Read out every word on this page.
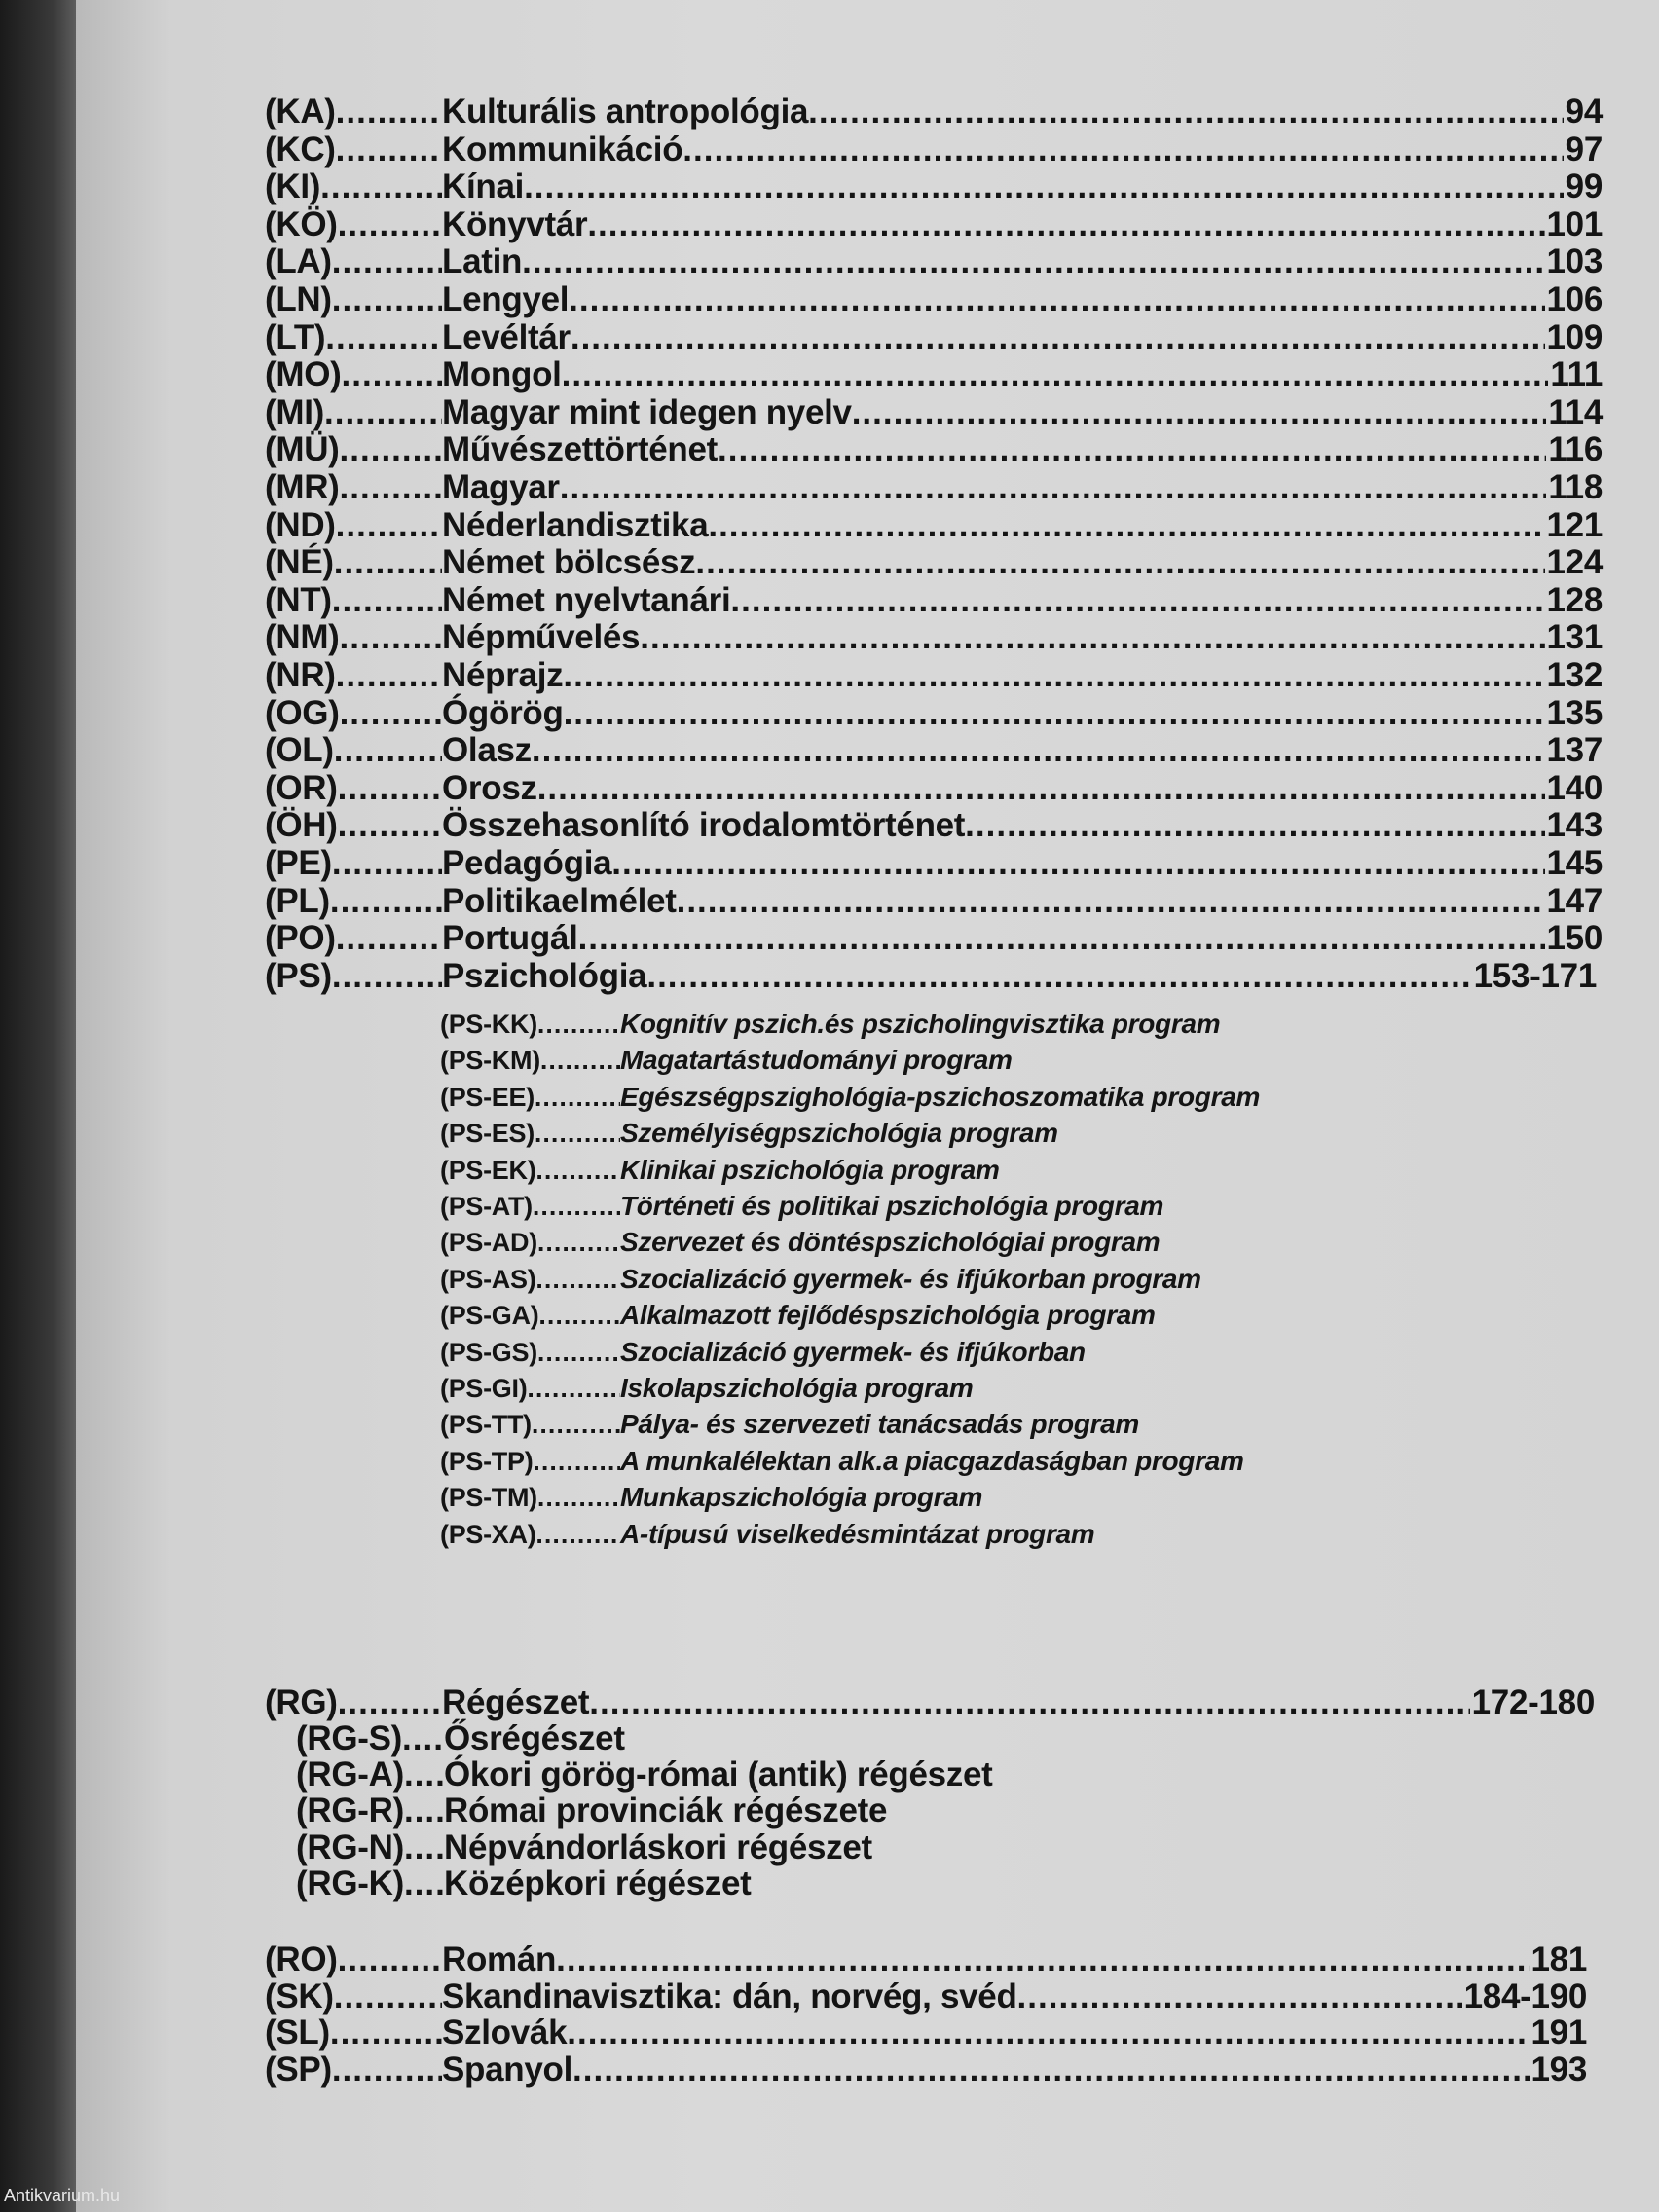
(KA) .....	Kulturális antropológia .....	94
(KC) .....	Kommunikáció .....	97
(KI) .....	Kínai .....	99
(KÖ) .....	Könyvtár .....	101
(LA) .....	Latin .....	103
(LN) .....	Lengyel .....	106
(LT) .....	Levéltár .....	109
(MO) .....	Mongol .....	111
(MI) .....	Magyar mint idegen nyelv .....	114
(MÜ) .....	Művészettörténet .....	116
(MR) .....	Magyar .....	118
(ND) .....	Néderlandisztika .....	121
(NÉ) .....	Német bölcsész .....	124
(NT) .....	Német nyelvtanári .....	128
(NM) .....	Népművelés .....	131
(NR) .....	Néprajz .....	132
(OG) .....	Ógörög .....	135
(OL) .....	Olasz .....	137
(OR) .....	Orosz .....	140
(ÖH) .....	Összehasonlító irodalomtörténet .....	143
(PE) .....	Pedagógia .....	145
(PL) .....	Politikaelmélet .....	147
(PO) .....	Portugál .....	150
(PS) .....	Pszichológia .....	153-171
(PS-KK) .....	Kognitív pszich.és pszicholingvisztika program
(PS-KM) .....	Magatartástudományi program
(PS-EE) .....	Egészségpszighológia-pszichoszomatika program
(PS-ES) .....	Személyiségpszichológia program
(PS-EK) .....	Klinikai pszichológia program
(PS-AT) .....	Történeti és politikai pszichológia program
(PS-AD) .....	Szervezet és döntéspszichológiai program
(PS-AS) .....	Szocializáció gyermek- és ifjúkorban program
(PS-GA) .....	Alkalmazott fejlődéspszichológia program
(PS-GS) .....	Szocializáció gyermek- és ifjúkorban
(PS-GI) .....	Iskolapszichológia program
(PS-TT) .....	Pálya- és szervezeti tanácsadás program
(PS-TP) .....	A munkalélektan alk.a piacgazdaságban program
(PS-TM) .....	Munkapszichológia program
(PS-XA) .....	A-típusú viselkedésmintázat program
(RG) .....	Régészet .....	172-180
(RG-S) ..... Ősrégészet
(RG-A) ..... Ókori görög-római (antik) régészet
(RG-R) ..... Római provinciák régészete
(RG-N) ..... Népvándorláskori régészet
(RG-K) ..... Középkori régészet
(RO) .....	Román .....	181
(SK) .....	Skandinavisztika: dán, norvég, svéd .....	184-190
(SL) .....	Szlovák .....	191
(SP) .....	Spanyol .....	193
Antikvarium.hu
